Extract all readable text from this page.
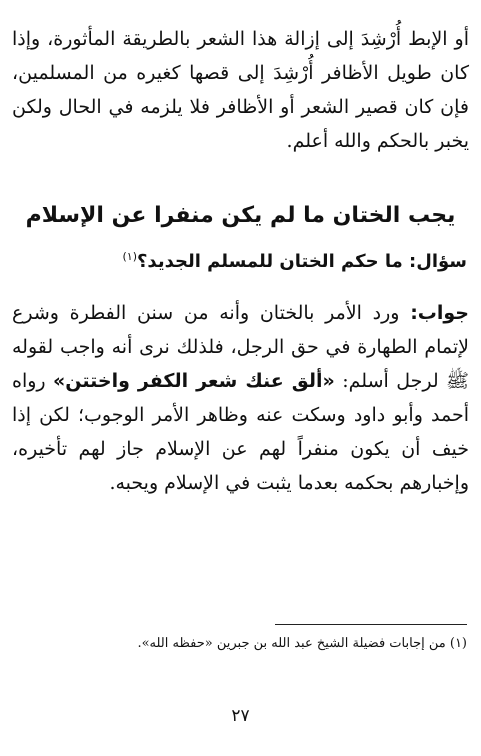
أو الإبط أُرْشِدَ إلى إزالة هذا الشعر بالطريقة المأثورة، وإذا كان طويل الأظافر أُرْشِدَ إلى قصها كغيره من المسلمين، فإن كان قصير الشعر أو الأظافر فلا يلزمه في الحال ولكن يخبر بالحكم والله أعلم.

يجب الختان ما لم يكن منفرا عن الإسلام

سؤال: ما حكم الختان للمسلم الجديد؟$^{(١)}$

جواب: ورد الأمر بالختان وأنه من سنن الفطرة وشرع لإتمام الطهارة في حق الرجل، فلذلك نرى أنه واجب لقوله ﷺ لرجل أسلم: «ألق عنك شعر الكفر واختتن» رواه أحمد وأبو داود وسكت عنه وظاهر الأمر الوجوب؛ لكن إذا خيف أن يكون منفراً لهم عن الإسلام جاز لهم تأخيره، وإخبارهم بحكمه بعدما يثبت في الإسلام ويحبه.

(١) من إجابات فضيلة الشيخ عبد الله بن جبرين «حفظه الله».

٢٧
